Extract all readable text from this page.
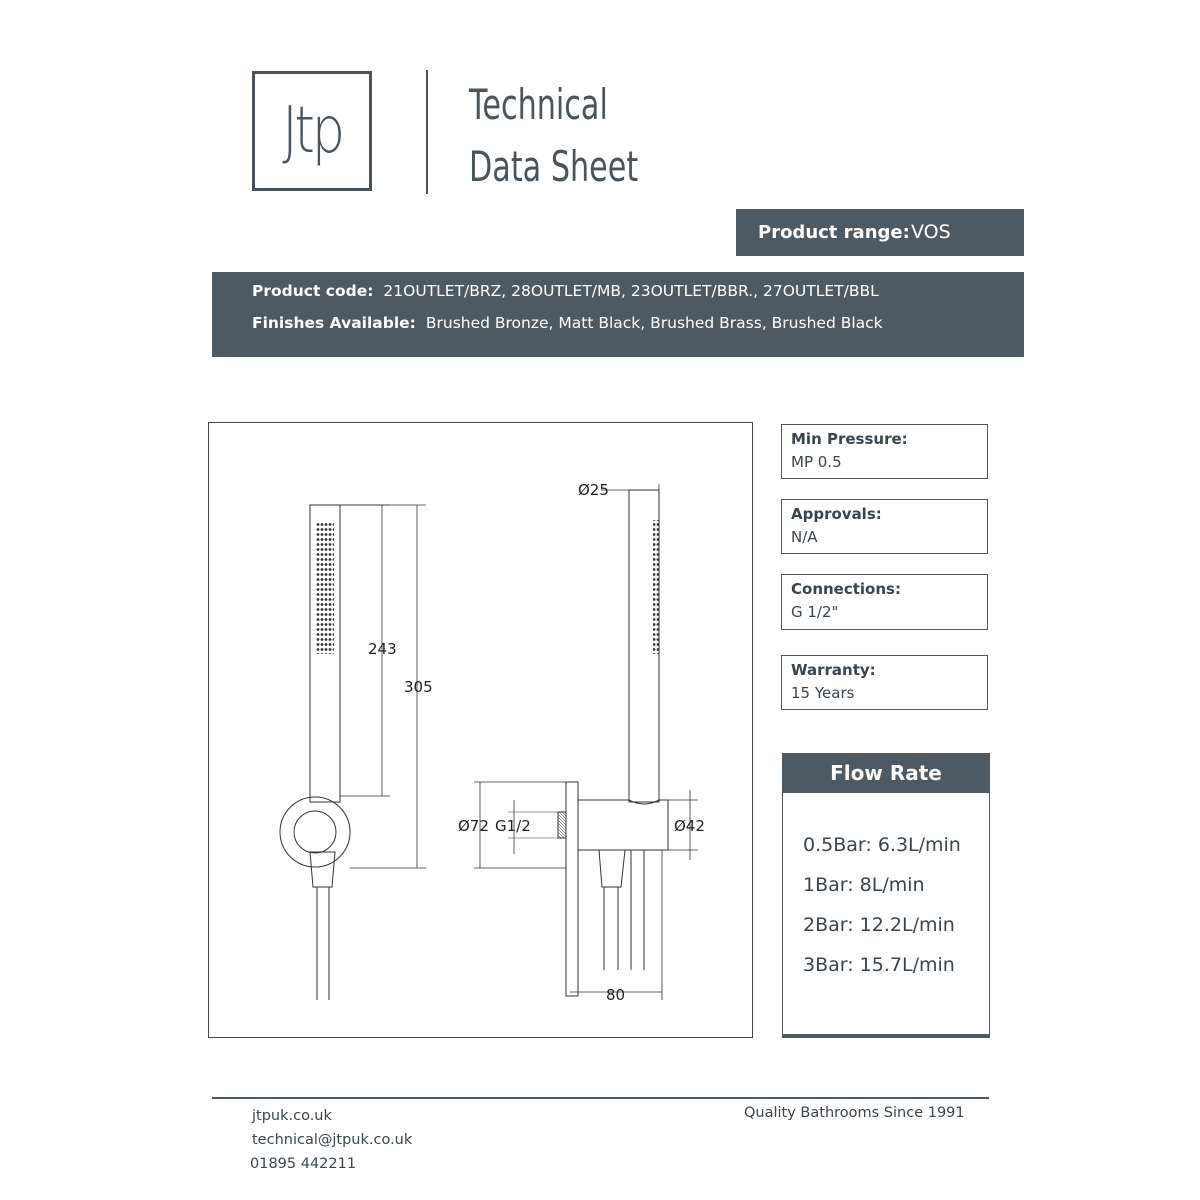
Jtp	Technical
Data Sheet
Product range: VOS
Product code: 21OUTLET/BRZ, 28OUTLET/MB, 23OUTLET/BBR., 27OUTLET/BBL
Finishes Available: Brushed Bronze, Matt Black, Brushed Brass, Brushed Black
243
305
Ø25
Ø72 G1/2	Ø42
80
Min Pressure:
MP 0.5
Approvals:
N/A
Connections:
G 1/2"
Warranty:
15 Years
Flow Rate
0.5Bar: 6.3L/min
1Bar: 8L/min
2Bar: 12.2L/min
3Bar: 15.7L/min
jtpuk.co.uk
technical@jtpuk.co.uk
01895 442211
Quality Bathrooms Since 1991
